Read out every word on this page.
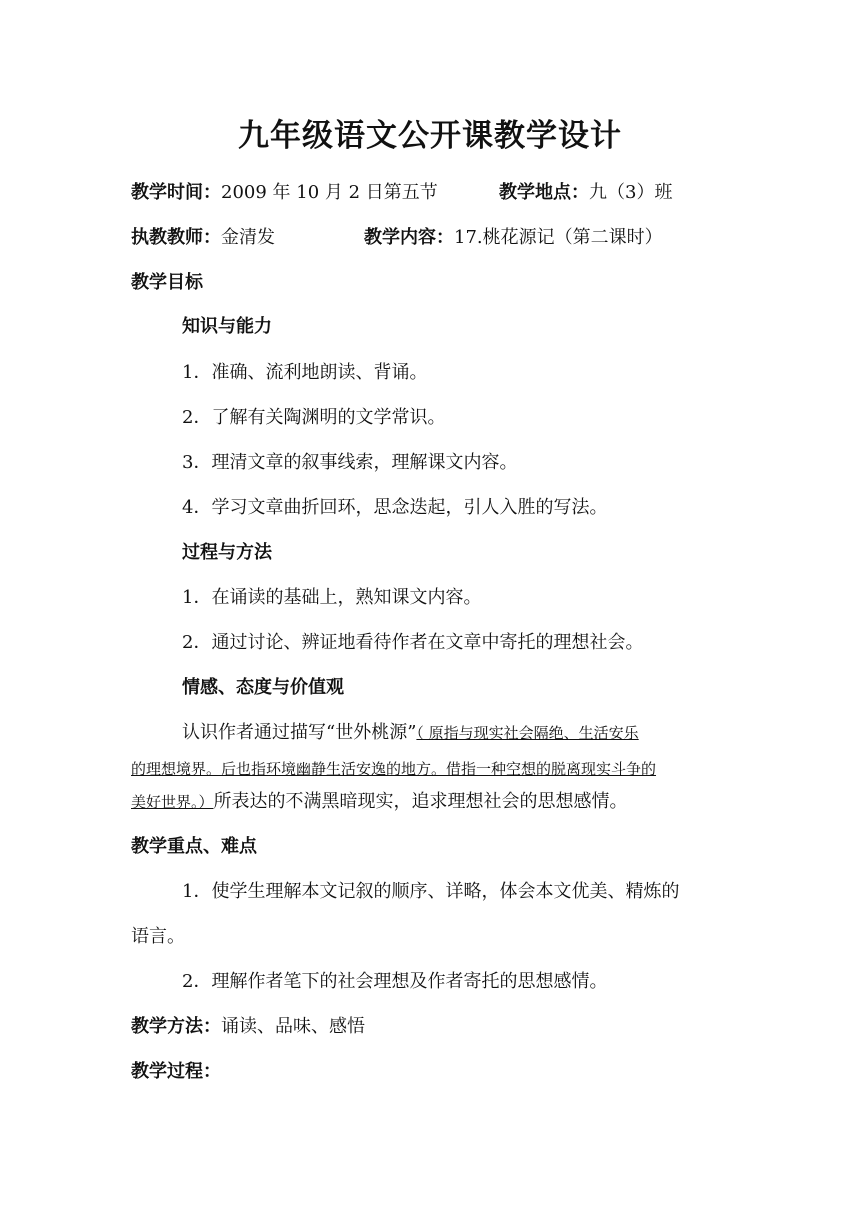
九年级语文公开课教学设计
教学时间：2009 年 10 月 2 日第五节	教学地点：九（3）班
执教教师：金清发	教学内容：17.桃花源记（第二课时）
教学目标
知识与能力
1．准确、流利地朗读、背诵。
2．了解有关陶渊明的文学常识。
3．理清文章的叙事线索，理解课文内容。
4．学习文章曲折回环，思念迭起，引人入胜的写法。
过程与方法
1．在诵读的基础上，熟知课文内容。
2．通过讨论、辨证地看待作者在文章中寄托的理想社会。
情感、态度与价值观
认识作者通过描写“世外桃源”（ 原指与现实社会隔绝、生活安乐
的理想境界。后也指环境幽静生活安逸的地方。借指一种空想的脱离现实斗争的
美好世界。）所表达的不满黑暗现实，追求理想社会的思想感情。
教学重点、难点
1．使学生理解本文记叙的顺序、详略，体会本文优美、精炼的
语言。
2．理解作者笔下的社会理想及作者寄托的思想感情。
教学方法：诵读、品味、感悟
教学过程：
